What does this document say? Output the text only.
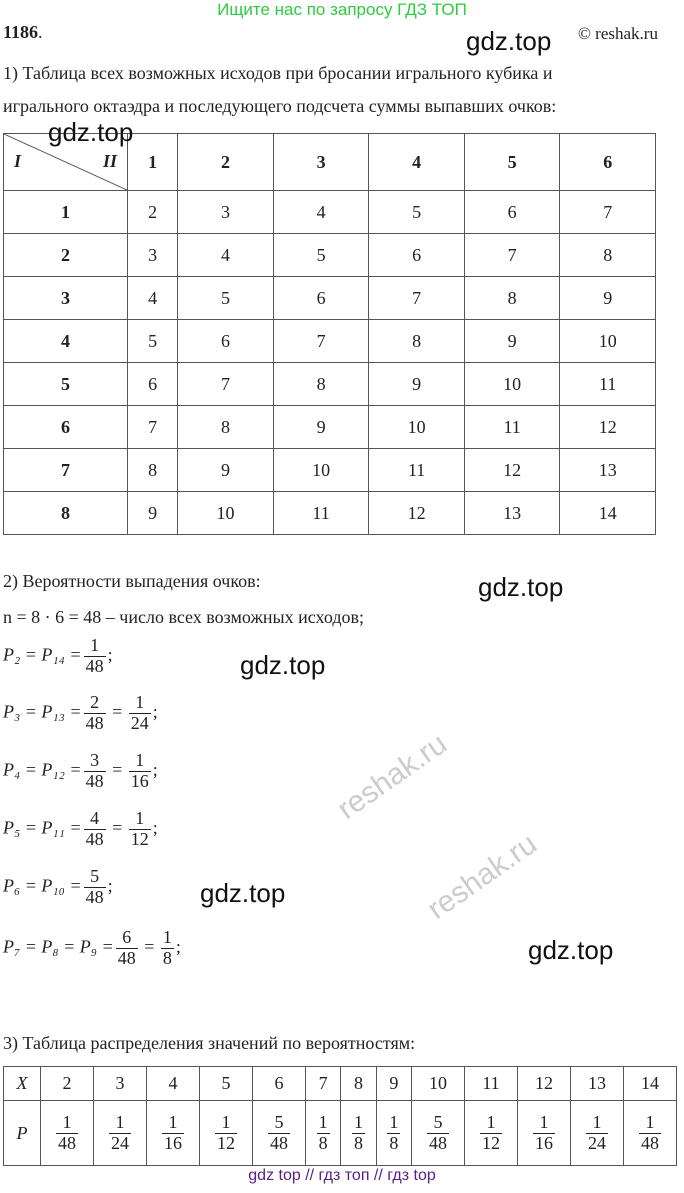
Ищите нас по запросу ГДЗ ТОП
1186.	© reshak.ru
gdz.top
1) Таблица всех возможных исходов при бросании игрального кубика и
игрального октаэдра и последующего подсчета суммы выпавших очков:
I II	1	2	3	4	5	6
1	2	3	4	5	6	7
2	3	4	5	6	7	8
3	4	5	6	7	8	9
4	5	6	7	8	9	10
5	6	7	8	9	10	11
6	7	8	9	10	11	12
7	8	9	10	11	12	13
8	9	10	11	12	13	14
gdz.top
2) Вероятности выпадения очков:
n = 8 · 6 = 48 – число всех возможных исходов;
gdz.top
$P_2 = P_{14} = \frac{1}{48}$ ;
$P_3 = P_{13} = \frac{2}{48} = \frac{1}{24}$ ;
$P_4 = P_{12} = \frac{3}{48} = \frac{1}{16}$ ;
$P_5 = P_{11} = \frac{4}{48} = \frac{1}{12}$ ;
$P_6 = P_{10} = \frac{5}{48}$ ;
$P_7 = P_8 = P_9 = \frac{6}{48} = \frac{1}{8}$ ;
gdz.top
gdz.top
gdz.top
reshak.ru
reshak.ru
3) Таблица распределения значений по вероятностям:
X	2	3	4	5	6	7	8	9	10	11	12	13	14
P	$\frac{1}{48}$	$\frac{1}{24}$	$\frac{1}{16}$	$\frac{1}{12}$	$\frac{5}{48}$	$\frac{1}{8}$	$\frac{1}{8}$	$\frac{1}{8}$	$\frac{5}{48}$	$\frac{1}{12}$	$\frac{1}{16}$	$\frac{1}{24}$	$\frac{1}{48}$
gdz top // гдз топ // гдз top
